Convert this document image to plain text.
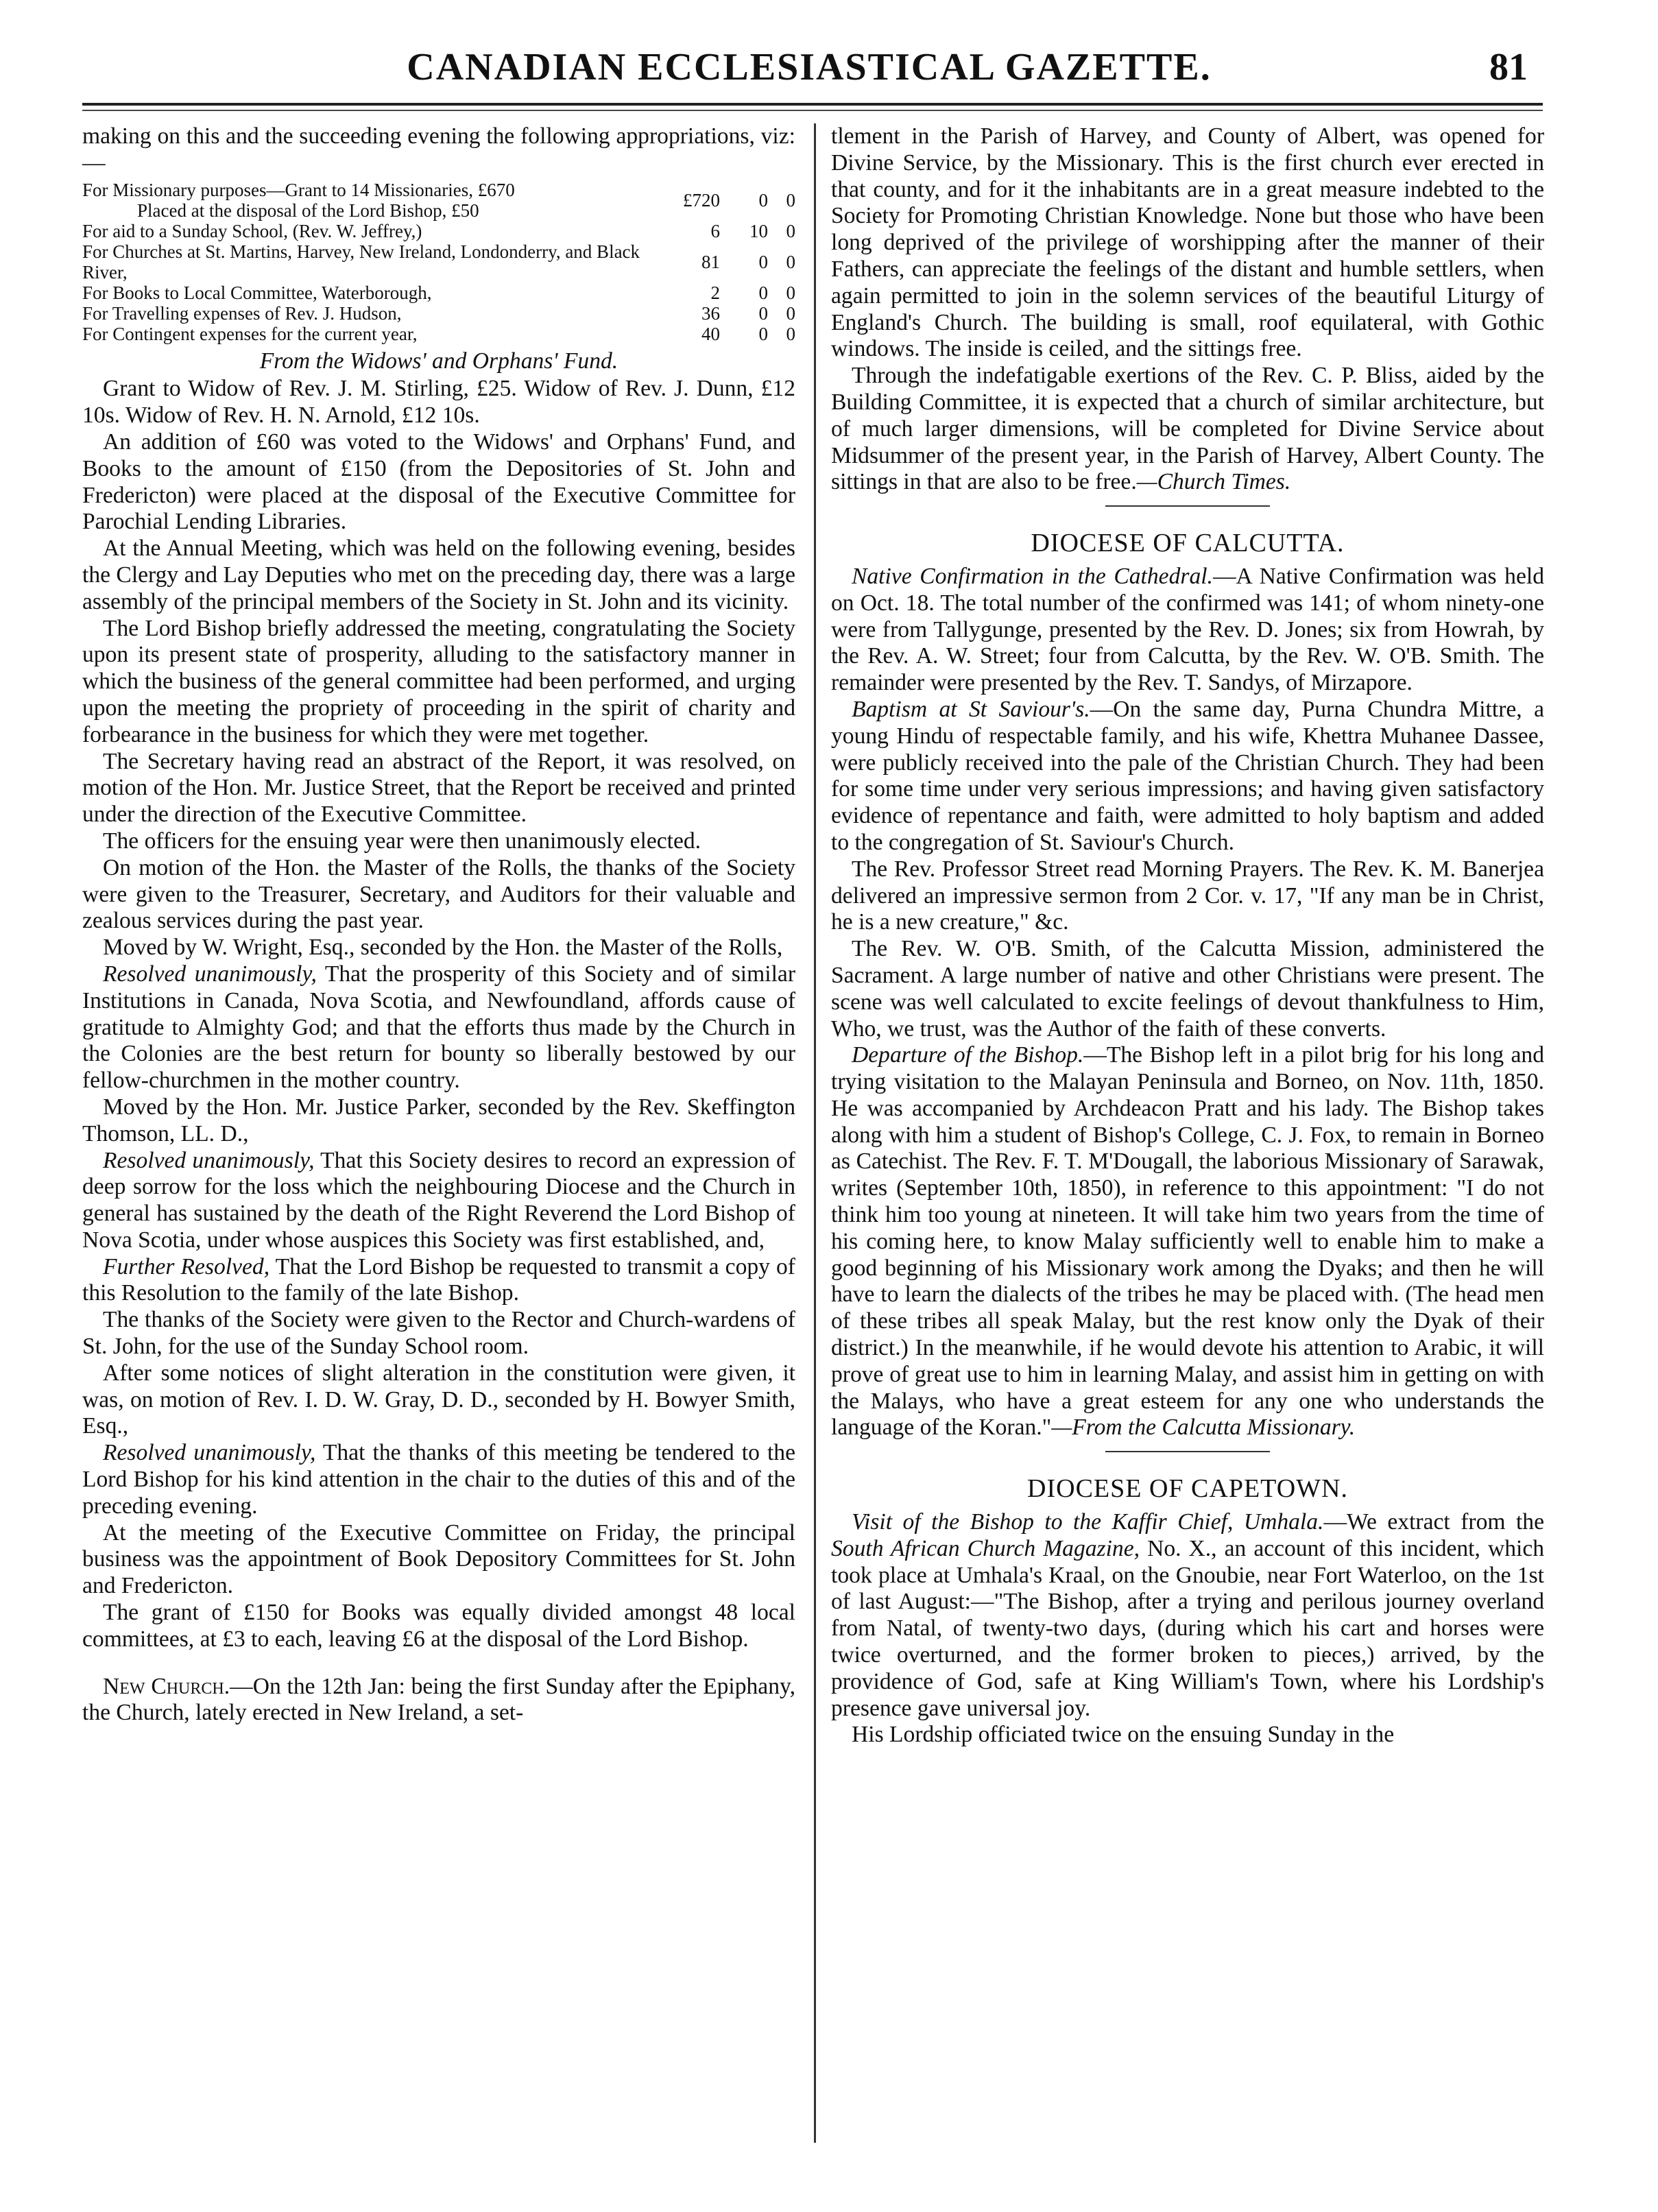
CANADIAN ECCLESIASTICAL GAZETTE.	81

making on this and the succeeding evening the following appropriations, viz:—

For Missionary purposes—Grant to 14 Missionaries, £670
Placed at the disposal of the Lord Bishop, £50	£720	0	0
For aid to a Sunday School, (Rev. W. Jeffrey,)	6	10	0
For Churches at St. Martins, Harvey, New Ireland, Londonderry, and Black River,	81	0	0
For Books to Local Committee, Waterborough,	2	0	0
For Travelling expenses of Rev. J. Hudson,	36	0	0
For Contingent expenses for the current year,	40	0	0
From the Widows' and Orphans' Fund.

Grant to Widow of Rev. J. M. Stirling, £25. Widow of Rev. J. Dunn, £12 10s. Widow of Rev. H. N. Arnold, £12 10s.

An addition of £60 was voted to the Widows' and Orphans' Fund, and Books to the amount of £150 (from the Depositories of St. John and Fredericton) were placed at the disposal of the Executive Committee for Parochial Lending Libraries.

At the Annual Meeting, which was held on the following evening, besides the Clergy and Lay Deputies who met on the preceding day, there was a large assembly of the principal members of the Society in St. John and its vicinity.

The Lord Bishop briefly addressed the meeting, congratulating the Society upon its present state of prosperity, alluding to the satisfactory manner in which the business of the general committee had been performed, and urging upon the meeting the propriety of proceeding in the spirit of charity and forbearance in the business for which they were met together.

The Secretary having read an abstract of the Report, it was resolved, on motion of the Hon. Mr. Justice Street, that the Report be received and printed under the direction of the Executive Committee.

The officers for the ensuing year were then unanimously elected.

On motion of the Hon. the Master of the Rolls, the thanks of the Society were given to the Treasurer, Secretary, and Auditors for their valuable and zealous services during the past year.

Moved by W. Wright, Esq., seconded by the Hon. the Master of the Rolls,

Resolved unanimously, That the prosperity of this Society and of similar Institutions in Canada, Nova Scotia, and Newfoundland, affords cause of gratitude to Almighty God; and that the efforts thus made by the Church in the Colonies are the best return for bounty so liberally bestowed by our fellow-churchmen in the mother country.

Moved by the Hon. Mr. Justice Parker, seconded by the Rev. Skeffington Thomson, LL. D.,

Resolved unanimously, That this Society desires to record an expression of deep sorrow for the loss which the neighbouring Diocese and the Church in general has sustained by the death of the Right Reverend the Lord Bishop of Nova Scotia, under whose auspices this Society was first established, and,

Further Resolved, That the Lord Bishop be requested to transmit a copy of this Resolution to the family of the late Bishop.

The thanks of the Society were given to the Rector and Church-wardens of St. John, for the use of the Sunday School room.

After some notices of slight alteration in the constitution were given, it was, on motion of Rev. I. D. W. Gray, D. D., seconded by H. Bowyer Smith, Esq.,

Resolved unanimously, That the thanks of this meeting be tendered to the Lord Bishop for his kind attention in the chair to the duties of this and of the preceding evening.

At the meeting of the Executive Committee on Friday, the principal business was the appointment of Book Depository Committees for St. John and Fredericton.

The grant of £150 for Books was equally divided amongst 48 local committees, at £3 to each, leaving £6 at the disposal of the Lord Bishop.

New Church.—On the 12th Jan: being the first Sunday after the Epiphany, the Church, lately erected in New Ireland, a set-

tlement in the Parish of Harvey, and County of Albert, was opened for Divine Service, by the Missionary. This is the first church ever erected in that county, and for it the inhabitants are in a great measure indebted to the Society for Promoting Christian Knowledge. None but those who have been long deprived of the privilege of worshipping after the manner of their Fathers, can appreciate the feelings of the distant and humble settlers, when again permitted to join in the solemn services of the beautiful Liturgy of England's Church. The building is small, roof equilateral, with Gothic windows. The inside is ceiled, and the sittings free.

Through the indefatigable exertions of the Rev. C. P. Bliss, aided by the Building Committee, it is expected that a church of similar architecture, but of much larger dimensions, will be completed for Divine Service about Midsummer of the present year, in the Parish of Harvey, Albert County. The sittings in that are also to be free.—Church Times.

DIOCESE OF CALCUTTA.

Native Confirmation in the Cathedral.—A Native Confirmation was held on Oct. 18. The total number of the confirmed was 141; of whom ninety-one were from Tallygunge, presented by the Rev. D. Jones; six from Howrah, by the Rev. A. W. Street; four from Calcutta, by the Rev. W. O'B. Smith. The remainder were presented by the Rev. T. Sandys, of Mirzapore.

Baptism at St Saviour's.—On the same day, Purna Chundra Mittre, a young Hindu of respectable family, and his wife, Khettra Muhanee Dassee, were publicly received into the pale of the Christian Church. They had been for some time under very serious impressions; and having given satisfactory evidence of repentance and faith, were admitted to holy baptism and added to the congregation of St. Saviour's Church.

The Rev. Professor Street read Morning Prayers. The Rev. K. M. Banerjea delivered an impressive sermon from 2 Cor. v. 17, "If any man be in Christ, he is a new creature," &c.

The Rev. W. O'B. Smith, of the Calcutta Mission, administered the Sacrament. A large number of native and other Christians were present. The scene was well calculated to excite feelings of devout thankfulness to Him, Who, we trust, was the Author of the faith of these converts.

Departure of the Bishop.—The Bishop left in a pilot brig for his long and trying visitation to the Malayan Peninsula and Borneo, on Nov. 11th, 1850. He was accompanied by Archdeacon Pratt and his lady. The Bishop takes along with him a student of Bishop's College, C. J. Fox, to remain in Borneo as Catechist. The Rev. F. T. M'Dougall, the laborious Missionary of Sarawak, writes (September 10th, 1850), in reference to this appointment: "I do not think him too young at nineteen. It will take him two years from the time of his coming here, to know Malay sufficiently well to enable him to make a good beginning of his Missionary work among the Dyaks; and then he will have to learn the dialects of the tribes he may be placed with. (The head men of these tribes all speak Malay, but the rest know only the Dyak of their district.) In the meanwhile, if he would devote his attention to Arabic, it will prove of great use to him in learning Malay, and assist him in getting on with the Malays, who have a great esteem for any one who understands the language of the Koran."—From the Calcutta Missionary.

DIOCESE OF CAPETOWN.

Visit of the Bishop to the Kaffir Chief, Umhala.—We extract from the South African Church Magazine, No. X., an account of this incident, which took place at Umhala's Kraal, on the Gnoubie, near Fort Waterloo, on the 1st of last August:—"The Bishop, after a trying and perilous journey overland from Natal, of twenty-two days, (during which his cart and horses were twice overturned, and the former broken to pieces,) arrived, by the providence of God, safe at King William's Town, where his Lordship's presence gave universal joy.

His Lordship officiated twice on the ensuing Sunday in the
